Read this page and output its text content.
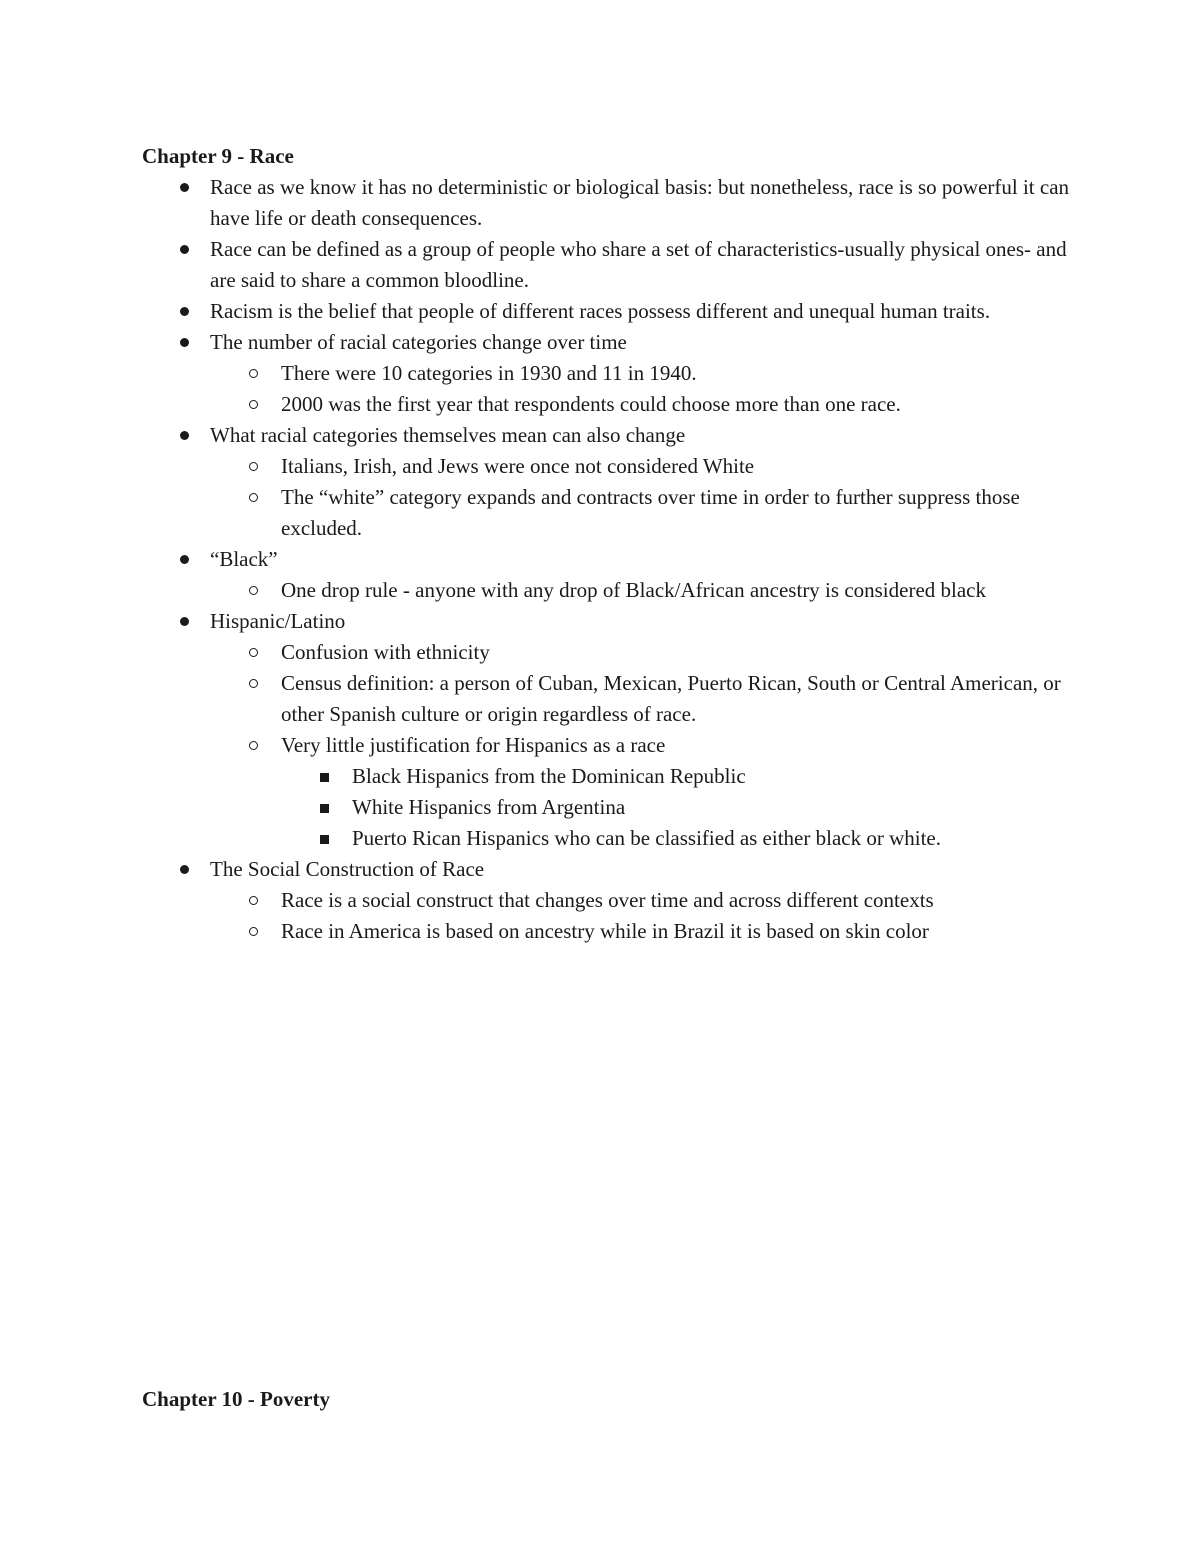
Chapter 9 - Race
Race as we know it has no deterministic or biological basis: but nonetheless, race is so powerful it can have life or death consequences.
Race can be defined as a group of people who share a set of characteristics-usually physical ones- and are said to share a common bloodline.
Racism is the belief that people of different races possess different and unequal human traits.
The number of racial categories change over time
There were 10 categories in 1930 and 11 in 1940.
2000 was the first year that respondents could choose more than one race.
What racial categories themselves mean can also change
Italians, Irish, and Jews were once not considered White
The “white” category expands and contracts over time in order to further suppress those excluded.
“Black”
One drop rule - anyone with any drop of Black/African ancestry is considered black
Hispanic/Latino
Confusion with ethnicity
Census definition: a person of Cuban, Mexican, Puerto Rican, South or Central American, or other Spanish culture or origin regardless of race.
Very little justification for Hispanics as a race
Black Hispanics from the Dominican Republic
White Hispanics from Argentina
Puerto Rican Hispanics who can be classified as either black or white.
The Social Construction of Race
Race is a social construct that changes over time and across different contexts
Race in America is based on ancestry while in Brazil it is based on skin color
Chapter 10 - Poverty
